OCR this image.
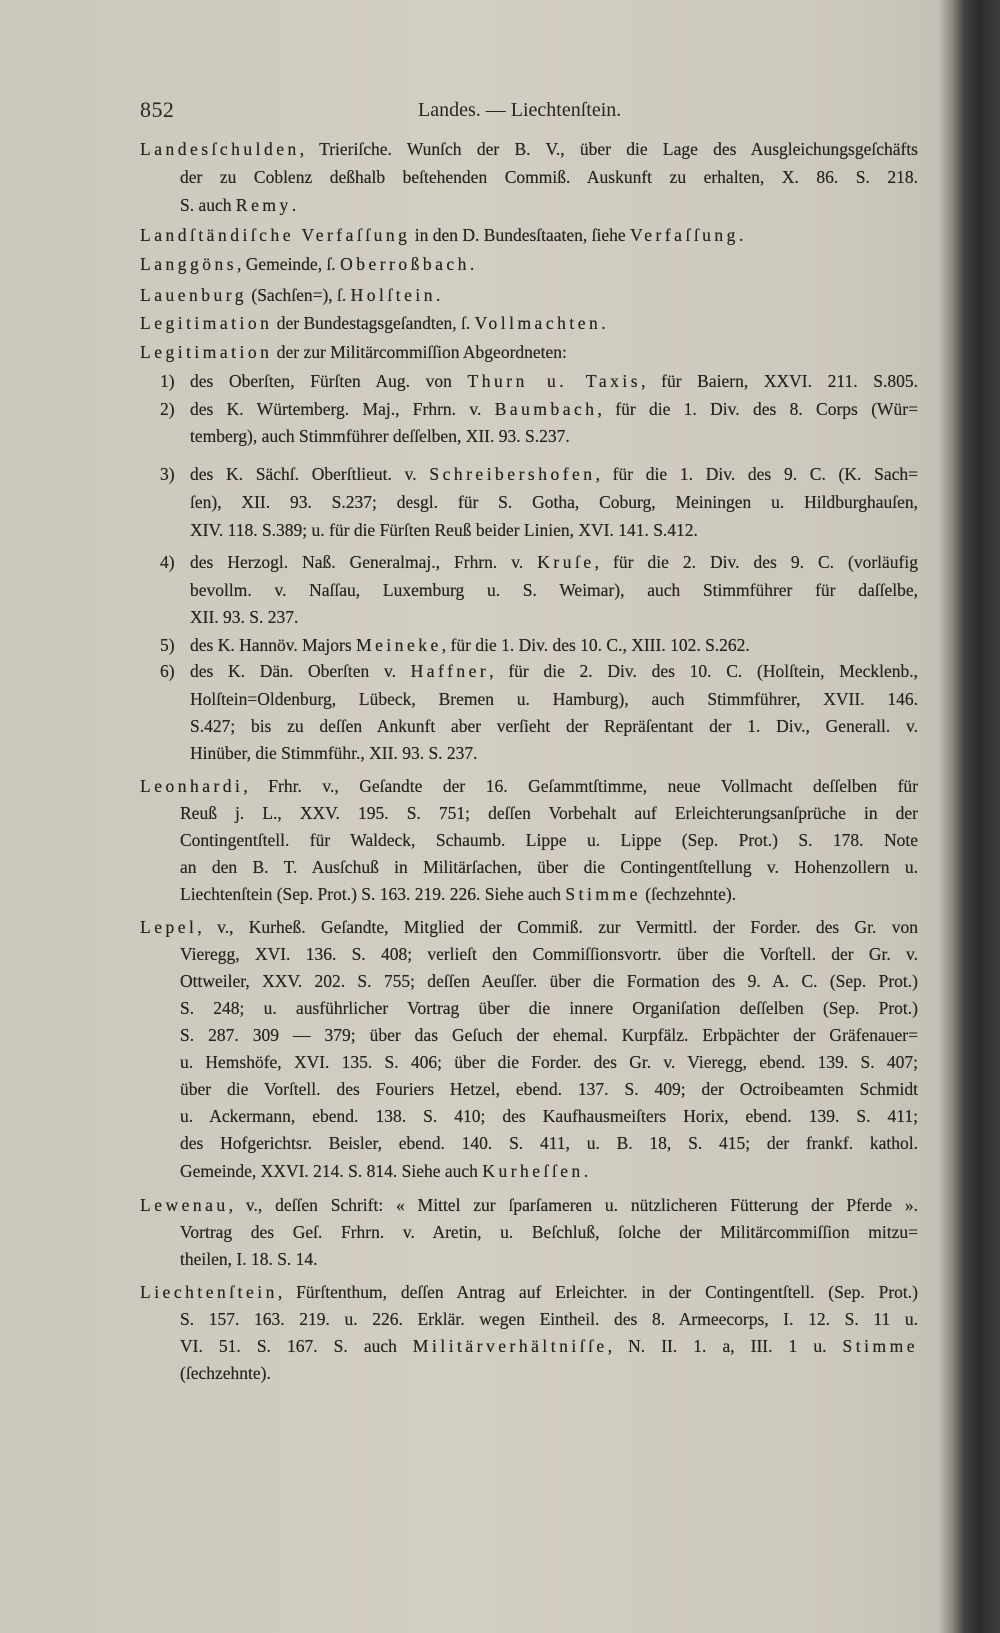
852	Landes. — Liechtenſtein.
Landesſchulden, Trieriſche. Wunſch der B. V., über die Lage des Ausgleichungsgeſchäfts
der zu Coblenz deßhalb beſtehenden Commiß. Auskunft zu erhalten, X. 86. S. 218.
S. auch Remy.
Landſtändiſche Verfaſſung in den D. Bundesſtaaten, ſiehe Verfaſſung.
Langgöns, Gemeinde, ſ. Oberroßbach.
Lauenburg (Sachſen=), ſ. Holſtein.
Legitimation der Bundestagsgeſandten, ſ. Vollmachten.
Legitimation der zur Militärcommiſſion Abgeordneten:
1) des Oberſten, Fürſten Aug. von Thurn u. Taxis, für Baiern, XXVI. 211. S.805.
2) des K. Würtemberg. Maj., Frhrn. v. Baumbach, für die 1. Div. des 8. Corps (Wür=
temberg), auch Stimmführer deſſelben, XII. 93. S.237.
3) des K. Sächſ. Oberſtlieut. v. Schreibershofen, für die 1. Div. des 9. C. (K. Sach=
ſen), XII. 93. S.237; desgl. für S. Gotha, Coburg, Meiningen u. Hildburghauſen,
XIV. 118. S.389; u. für die Fürſten Reuß beider Linien, XVI. 141. S.412.
4) des Herzogl. Naß. Generalmaj., Frhrn. v. Kruſe, für die 2. Div. des 9. C. (vorläufig
bevollm. v. Naſſau, Luxemburg u. S. Weimar), auch Stimmführer für daſſelbe,
XII. 93. S. 237.
5) des K. Hannöv. Majors Meineke, für die 1. Div. des 10. C., XIII. 102. S.262.
6) des K. Dän. Oberſten v. Haffner, für die 2. Div. des 10. C. (Holſtein, Mecklenb.,
Holſtein=Oldenburg, Lübeck, Bremen u. Hamburg), auch Stimmführer, XVII. 146.
S.427; bis zu deſſen Ankunft aber verſieht der Repräſentant der 1. Div., Generall. v.
Hinüber, die Stimmführ., XII. 93. S. 237.
Leonhardi, Frhr. v., Geſandte der 16. Geſammtſtimme, neue Vollmacht deſſelben für
Reuß j. L., XXV. 195. S. 751; deſſen Vorbehalt auf Erleichterungsanſprüche in der
Contingentſtell. für Waldeck, Schaumb. Lippe u. Lippe (Sep. Prot.) S. 178. Note
an den B. T. Ausſchuß in Militärſachen, über die Contingentſtellung v. Hohenzollern u.
Liechtenſtein (Sep. Prot.) S. 163. 219. 226. Siehe auch Stimme (ſechzehnte).
Lepel, v., Kurheß. Geſandte, Mitglied der Commiß. zur Vermittl. der Forder. des Gr. von
Vieregg, XVI. 136. S. 408; verlieſt den Commiſſionsvortr. über die Vorſtell. der Gr. v.
Ottweiler, XXV. 202. S. 755; deſſen Aeuſſer. über die Formation des 9. A. C. (Sep. Prot.)
S. 248; u. ausführlicher Vortrag über die innere Organiſation deſſelben (Sep. Prot.)
S. 287. 309 — 379; über das Geſuch der ehemal. Kurpfälz. Erbpächter der Gräfenauer=
u. Hemshöfe, XVI. 135. S. 406; über die Forder. des Gr. v. Vieregg, ebend. 139. S. 407;
über die Vorſtell. des Fouriers Hetzel, ebend. 137. S. 409; der Octroibeamten Schmidt
u. Ackermann, ebend. 138. S. 410; des Kaufhausmeiſters Horix, ebend. 139. S. 411;
des Hofgerichtsr. Beisler, ebend. 140. S. 411, u. B. 18, S. 415; der frankf. kathol.
Gemeinde, XXVI. 214. S. 814. Siehe auch Kurheſſen.
Lewenau, v., deſſen Schrift: « Mittel zur ſparſameren u. nützlicheren Fütterung der Pferde ».
Vortrag des Geſ. Frhrn. v. Aretin, u. Beſchluß, ſolche der Militärcommiſſion mitzu=
theilen, I. 18. S. 14.
Liechtenſtein, Fürſtenthum, deſſen Antrag auf Erleichter. in der Contingentſtell. (Sep. Prot.)
S. 157. 163. 219. u. 226. Erklär. wegen Eintheil. des 8. Armeecorps, I. 12. S. 11 u.
VI. 51. S. 167. S. auch Militärverhältniſſe, N. II. 1. a, III. 1 u. Stimme
(ſechzehnte).
